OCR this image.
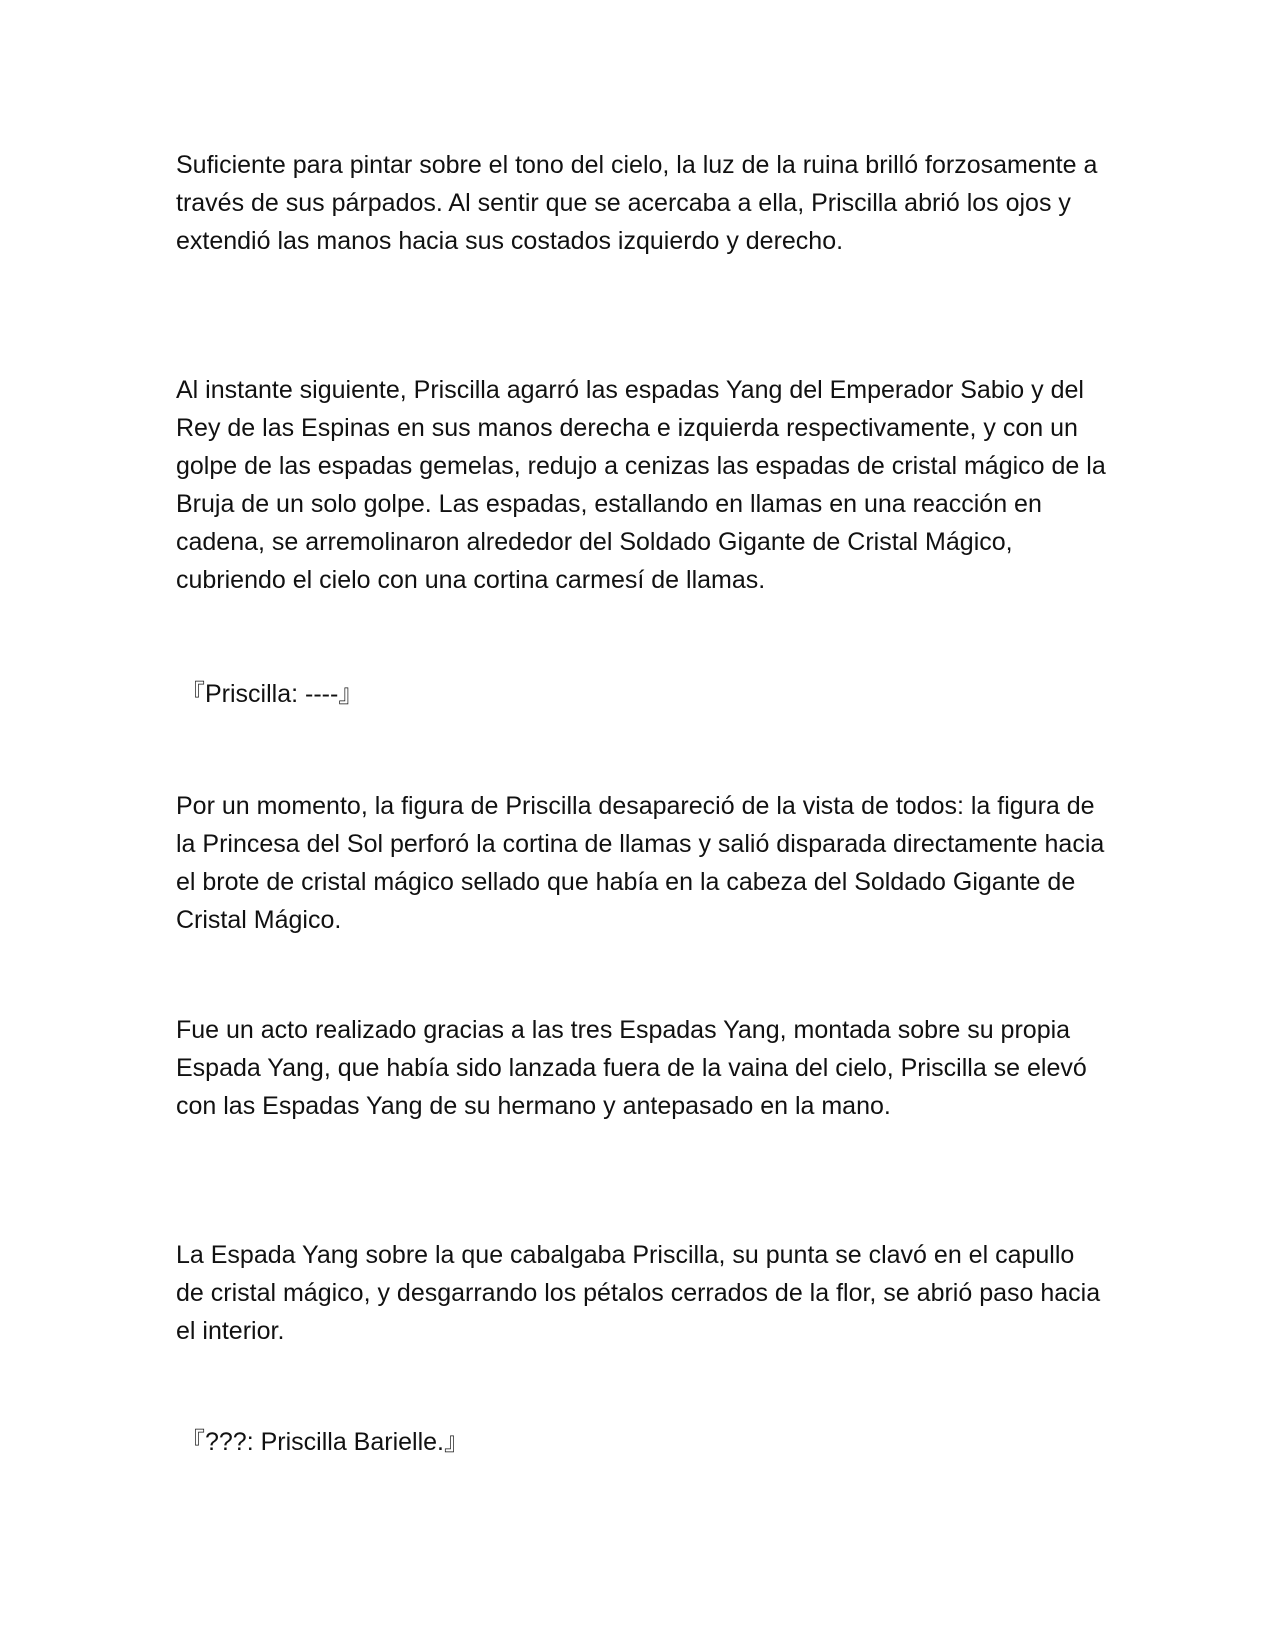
Suficiente para pintar sobre el tono del cielo, la luz de la ruina brilló forzosamente a través de sus párpados. Al sentir que se acercaba a ella, Priscilla abrió los ojos y extendió las manos hacia sus costados izquierdo y derecho.

Al instante siguiente, Priscilla agarró las espadas Yang del Emperador Sabio y del Rey de las Espinas en sus manos derecha e izquierda respectivamente, y con un golpe de las espadas gemelas, redujo a cenizas las espadas de cristal mágico de la Bruja de un solo golpe. Las espadas, estallando en llamas en una reacción en cadena, se arremolinaron alrededor del Soldado Gigante de Cristal Mágico, cubriendo el cielo con una cortina carmesí de llamas.

『Priscilla: ----』

Por un momento, la figura de Priscilla desapareció de la vista de todos: la figura de la Princesa del Sol perforó la cortina de llamas y salió disparada directamente hacia el brote de cristal mágico sellado que había en la cabeza del Soldado Gigante de Cristal Mágico.

Fue un acto realizado gracias a las tres Espadas Yang, montada sobre su propia Espada Yang, que había sido lanzada fuera de la vaina del cielo, Priscilla se elevó con las Espadas Yang de su hermano y antepasado en la mano.

La Espada Yang sobre la que cabalgaba Priscilla, su punta se clavó en el capullo de cristal mágico, y desgarrando los pétalos cerrados de la flor, se abrió paso hacia el interior.

『???: Priscilla Barielle.』
